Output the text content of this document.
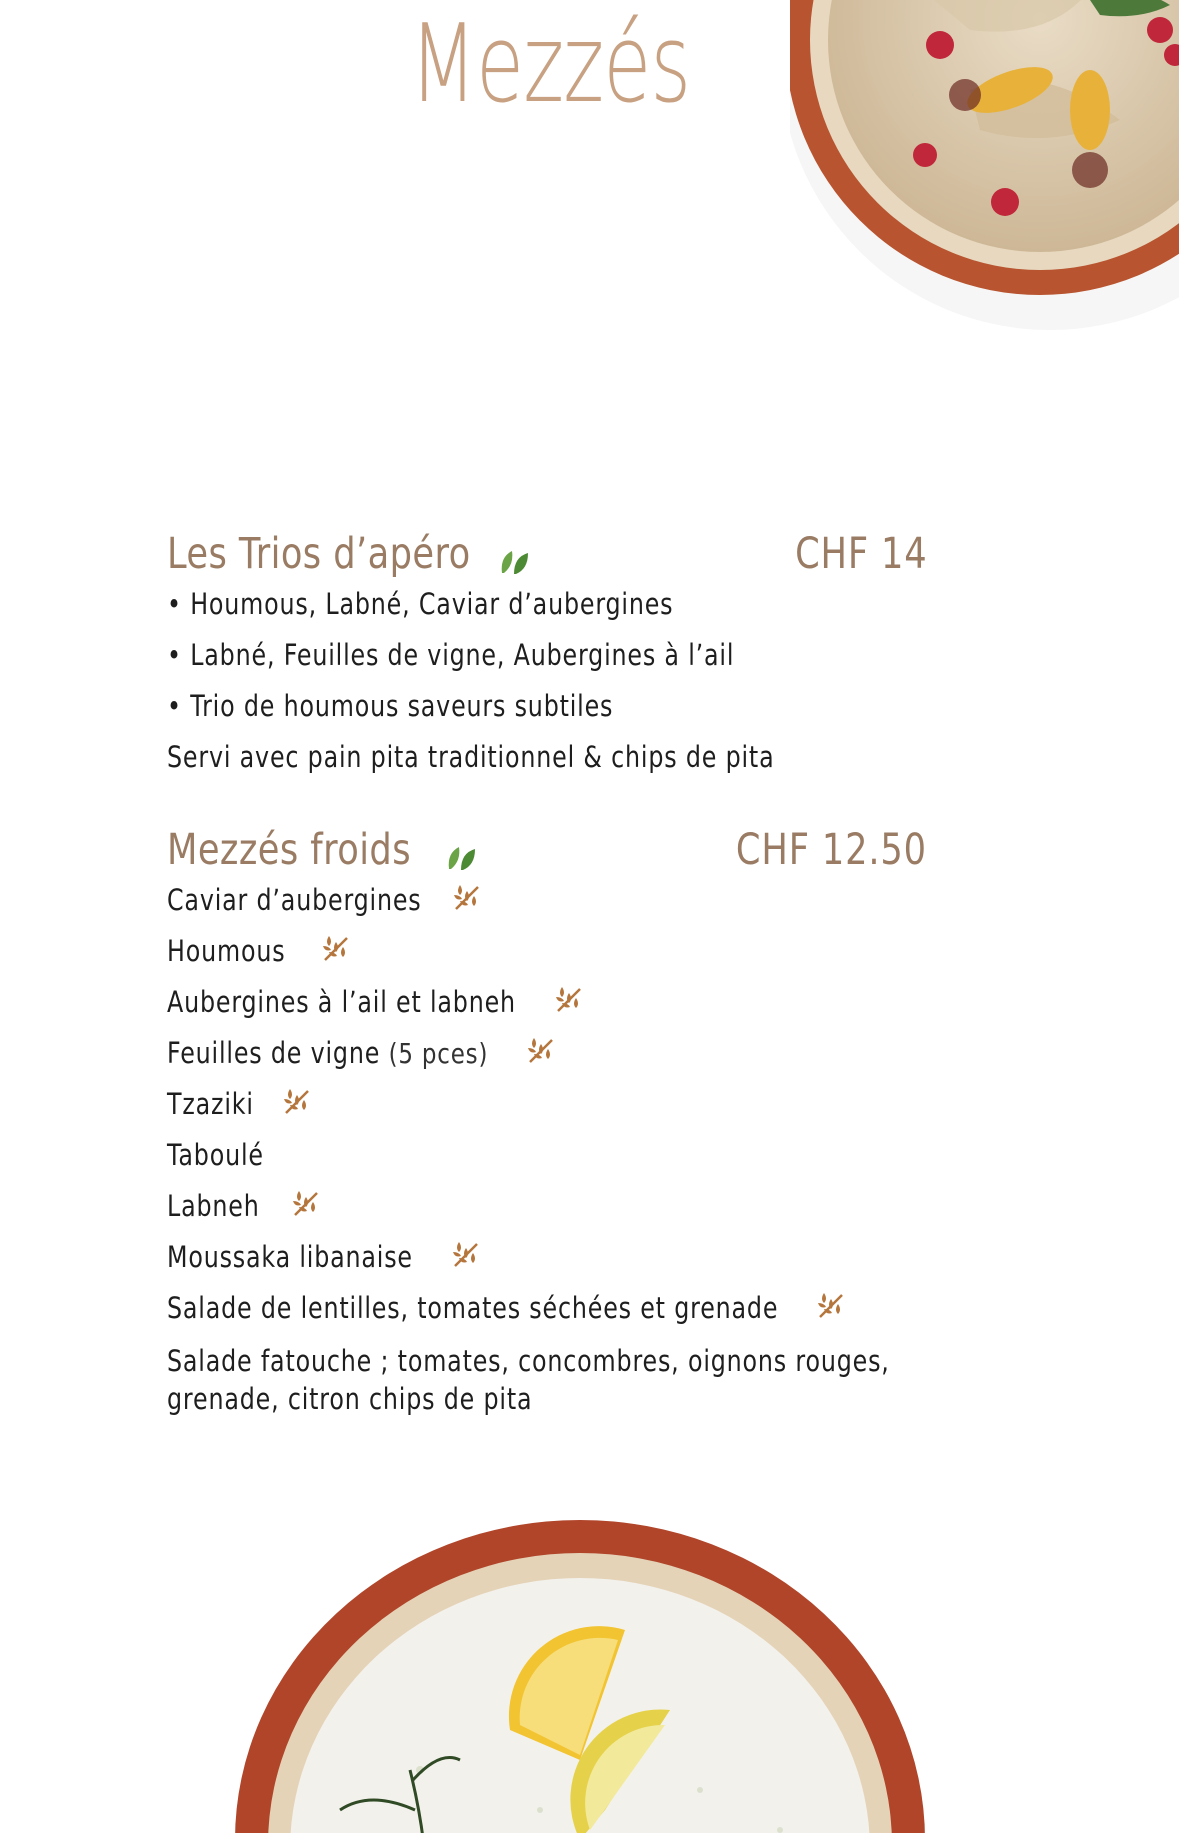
Mezzés
Les Trios d’apéro	CHF 14
• Houmous, Labné, Caviar d’aubergines
• Labné, Feuilles de vigne, Aubergines à l’ail
• Trio de houmous saveurs subtiles
Servi avec pain pita traditionnel & chips de pita
Mezzés froids	CHF 12.50
Caviar d’aubergines
Houmous
Aubergines à l’ail et labneh
Feuilles de vigne (5 pces)
Tzaziki
Taboulé
Labneh
Moussaka libanaise
Salade de lentilles, tomates séchées et grenade
Salade fatouche ; tomates, concombres, oignons rouges, grenade, citron chips de pita
